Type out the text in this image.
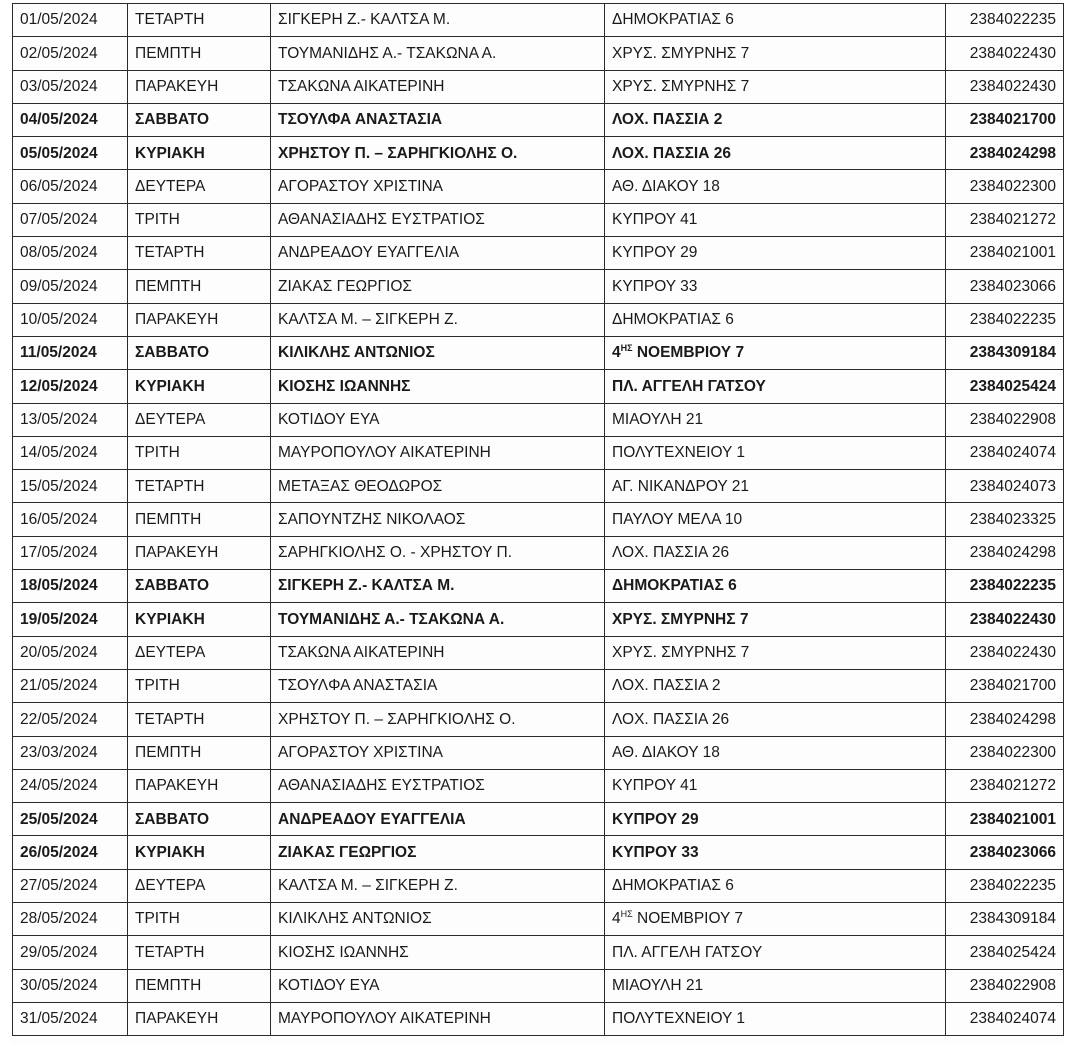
01/05/2024	ΤΕΤΑΡΤΗ	ΣΙΓΚΕΡΗ Ζ.- ΚΑΛΤΣΑ Μ.	ΔΗΜΟΚΡΑΤΙΑΣ 6	2384022235
02/05/2024	ΠΕΜΠΤΗ	ΤΟΥΜΑΝΙΔΗΣ Α.- ΤΣΑΚΩΝΑ Α.	ΧΡΥΣ. ΣΜΥΡΝΗΣ 7	2384022430
03/05/2024	ΠΑΡΑΚΕΥΗ	ΤΣΑΚΩΝΑ ΑΙΚΑΤΕΡΙΝΗ	ΧΡΥΣ. ΣΜΥΡΝΗΣ 7	2384022430
04/05/2024	ΣΑΒΒΑΤΟ	ΤΣΟΥΛΦΑ ΑΝΑΣΤΑΣΙΑ	ΛΟΧ. ΠΑΣΣΙΑ 2	2384021700
05/05/2024	ΚΥΡΙΑΚΗ	ΧΡΗΣΤΟΥ Π. – ΣΑΡΗΓΚΙΟΛΗΣ Ο.	ΛΟΧ. ΠΑΣΣΙΑ 26	2384024298
06/05/2024	ΔΕΥΤΕΡΑ	ΑΓΟΡΑΣΤΟΥ ΧΡΙΣΤΙΝΑ	ΑΘ. ΔΙΑΚΟΥ 18	2384022300
07/05/2024	ΤΡΙΤΗ	ΑΘΑΝΑΣΙΑΔΗΣ ΕΥΣΤΡΑΤΙΟΣ	ΚΥΠΡΟΥ 41	2384021272
08/05/2024	ΤΕΤΑΡΤΗ	ΑΝΔΡΕΑΔΟΥ ΕΥΑΓΓΕΛΙΑ	ΚΥΠΡΟΥ 29	2384021001
09/05/2024	ΠΕΜΠΤΗ	ΖΙΑΚΑΣ ΓΕΩΡΓΙΟΣ	ΚΥΠΡΟΥ 33	2384023066
10/05/2024	ΠΑΡΑΚΕΥΗ	ΚΑΛΤΣΑ Μ. – ΣΙΓΚΕΡΗ Ζ.	ΔΗΜΟΚΡΑΤΙΑΣ 6	2384022235
11/05/2024	ΣΑΒΒΑΤΟ	ΚΙΛΙΚΛΗΣ ΑΝΤΩΝΙΟΣ	$4^{H\Sigma}$ ΝΟΕΜΒΡΙΟΥ 7	2384309184
12/05/2024	ΚΥΡΙΑΚΗ	ΚΙΟΣΗΣ ΙΩΑΝΝΗΣ	ΠΛ. ΑΓΓΕΛΗ ΓΑΤΣΟΥ	2384025424
13/05/2024	ΔΕΥΤΕΡΑ	ΚΟΤΙΔΟΥ ΕΥΑ	ΜΙΑΟΥΛΗ 21	2384022908
14/05/2024	ΤΡΙΤΗ	ΜΑΥΡΟΠΟΥΛΟΥ ΑΙΚΑΤΕΡΙΝΗ	ΠΟΛΥΤΕΧΝΕΙΟΥ 1	2384024074
15/05/2024	ΤΕΤΑΡΤΗ	ΜΕΤΑΞΑΣ ΘΕΟΔΩΡΟΣ	ΑΓ. ΝΙΚΑΝΔΡΟΥ 21	2384024073
16/05/2024	ΠΕΜΠΤΗ	ΣΑΠΟΥΝΤΖΗΣ ΝΙΚΟΛΑΟΣ	ΠΑΥΛΟΥ ΜΕΛΑ 10	2384023325
17/05/2024	ΠΑΡΑΚΕΥΗ	ΣΑΡΗΓΚΙΟΛΗΣ Ο. - ΧΡΗΣΤΟΥ Π.	ΛΟΧ. ΠΑΣΣΙΑ 26	2384024298
18/05/2024	ΣΑΒΒΑΤΟ	ΣΙΓΚΕΡΗ Ζ.- ΚΑΛΤΣΑ Μ.	ΔΗΜΟΚΡΑΤΙΑΣ 6	2384022235
19/05/2024	ΚΥΡΙΑΚΗ	ΤΟΥΜΑΝΙΔΗΣ Α.- ΤΣΑΚΩΝΑ Α.	ΧΡΥΣ. ΣΜΥΡΝΗΣ 7	2384022430
20/05/2024	ΔΕΥΤΕΡΑ	ΤΣΑΚΩΝΑ ΑΙΚΑΤΕΡΙΝΗ	ΧΡΥΣ. ΣΜΥΡΝΗΣ 7	2384022430
21/05/2024	ΤΡΙΤΗ	ΤΣΟΥΛΦΑ ΑΝΑΣΤΑΣΙΑ	ΛΟΧ. ΠΑΣΣΙΑ 2	2384021700
22/05/2024	ΤΕΤΑΡΤΗ	ΧΡΗΣΤΟΥ Π. – ΣΑΡΗΓΚΙΟΛΗΣ Ο.	ΛΟΧ. ΠΑΣΣΙΑ 26	2384024298
23/03/2024	ΠΕΜΠΤΗ	ΑΓΟΡΑΣΤΟΥ ΧΡΙΣΤΙΝΑ	ΑΘ. ΔΙΑΚΟΥ 18	2384022300
24/05/2024	ΠΑΡΑΚΕΥΗ	ΑΘΑΝΑΣΙΑΔΗΣ ΕΥΣΤΡΑΤΙΟΣ	ΚΥΠΡΟΥ 41	2384021272
25/05/2024	ΣΑΒΒΑΤΟ	ΑΝΔΡΕΑΔΟΥ ΕΥΑΓΓΕΛΙΑ	ΚΥΠΡΟΥ 29	2384021001
26/05/2024	ΚΥΡΙΑΚΗ	ΖΙΑΚΑΣ ΓΕΩΡΓΙΟΣ	ΚΥΠΡΟΥ 33	2384023066
27/05/2024	ΔΕΥΤΕΡΑ	ΚΑΛΤΣΑ Μ. – ΣΙΓΚΕΡΗ Ζ.	ΔΗΜΟΚΡΑΤΙΑΣ 6	2384022235
28/05/2024	ΤΡΙΤΗ	ΚΙΛΙΚΛΗΣ ΑΝΤΩΝΙΟΣ	$4^{H\Sigma}$ ΝΟΕΜΒΡΙΟΥ 7	2384309184
29/05/2024	ΤΕΤΑΡΤΗ	ΚΙΟΣΗΣ ΙΩΑΝΝΗΣ	ΠΛ. ΑΓΓΕΛΗ ΓΑΤΣΟΥ	2384025424
30/05/2024	ΠΕΜΠΤΗ	ΚΟΤΙΔΟΥ ΕΥΑ	ΜΙΑΟΥΛΗ 21	2384022908
31/05/2024	ΠΑΡΑΚΕΥΗ	ΜΑΥΡΟΠΟΥΛΟΥ ΑΙΚΑΤΕΡΙΝΗ	ΠΟΛΥΤΕΧΝΕΙΟΥ 1	2384024074
